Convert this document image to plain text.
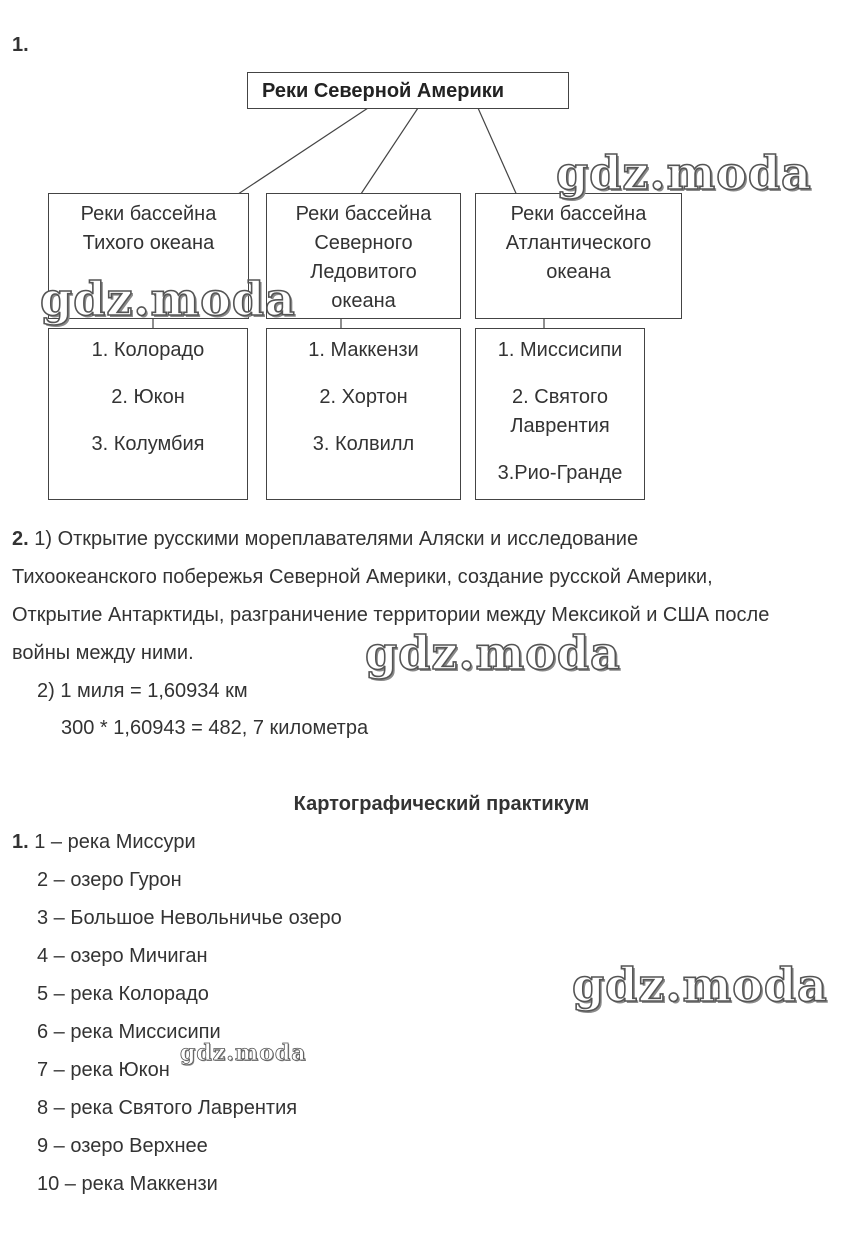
1.
Реки Северной Америки
Реки бассейна
Тихого океана
Реки бассейна
Северного
Ледовитого
океана
Реки бассейна
Атлантического
океана

1. Колорадо

2. Юкон

3. Колумбия

1. Маккензи

2. Хортон

3. Колвилл

1. Миссисипи

2. Святого

Лаврентия

3.Рио-Гранде

2. 1) Открытие русскими мореплавателями Аляски и исследование
Тихоокеанского побережья Северной Америки, создание русской Америки,
Открытие Антарктиды, разграничение территории между Мексикой и США после
войны между ними.
2) 1 миля = 1,60934 км
300 * 1,60943 = 482, 7 километра
Картографический практикум
1. 1 – река Миссури
2 – озеро Гурон
3 – Большое Невольничье озеро
4 – озеро Мичиган
5 – река Колорадо
6 – река Миссисипи
7 – река Юкон
8 – река Святого Лаврентия
9 – озеро Верхнее
10 – река Маккензи
gdz.moda
gdz.moda
gdz.moda
gdz.moda
gdz.moda
